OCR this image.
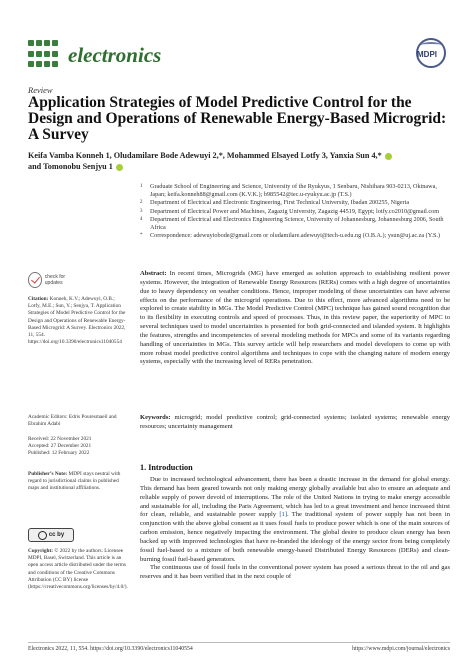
electronics	MDPI
Review
Application Strategies of Model Predictive Control for the Design and Operations of Renewable Energy-Based Microgrid: A Survey
Keifa Vamba Konneh 1, Oludamilare Bode Adewuyi 2,*, Mohammed Elsayed Lotfy 3, Yanxia Sun 4,*
and Tomonobu Senjyu 1
1	Graduate School of Engineering and Science, University of the Ryukyus, 1 Senbaru, Nishihara 903-0213, Okinawa, Japan; keifa.konneh88@gmail.com (K.V.K.); b985542@tec.u-ryukyu.ac.jp (T.S.)
2	Department of Electrical and Electronic Engineering, First Technical University, Ibadan 200255, Nigeria
3	Department of Electrical Power and Machines, Zagazig University, Zagazig 44519, Egypt; lotfy.co2010@gmail.com
4	Department of Electrical and Electronics Engineering Science, University of Johannesburg, Johannesburg 2006, South Africa
*	Correspondence: adewuyiobode@gmail.com or oludamilare.adewuyi@tech-u.edu.ng (O.B.A.); ysun@uj.ac.za (Y.S.)
Abstract: In recent times, Microgrids (MG) have emerged as solution approach to establishing resilient power systems. However, the integration of Renewable Energy Resources (RERs) comes with a high degree of uncertainties due to heavy dependency on weather conditions. Hence, improper modeling of these uncertainties can have adverse effects on the performance of the microgrid operations. Due to this effect, more advanced algorithms need to be explored to create stability in MGs. The Model Predictive Control (MPC) technique has gained sound recognition due to its flexibility in executing controls and speed of processes. Thus, in this review paper, the superiority of MPC to several techniques used to model uncertainties is presented for both grid-connected and islanded system. It highlights the features, strengths and incompetencies of several modeling methods for MPCs and some of its variants regarding handling of uncertainties in MGs. This survey article will help researchers and model developers to come up with more robust model predictive control algorithms and techniques to cope with the changing nature of modern energy systems, especially with the increasing level of RERs penetration.
Keywords: microgrid; model predictive control; grid-connected systems; isolated systems; renewable energy resources; uncertainty management
check for updates
Citation: Konneh, K.V.; Adewuyi, O.B.; Lotfy, M.E.; Sun, Y.; Senjyu, T. Application Strategies of Model Predictive Control for the Design and Operations of Renewable Energy-Based Microgrid: A Survey. Electronics 2022, 11, 554. https://doi.org/10.3390/electronics11040554
Academic Editors: Edris Pouresmaeil and Ebrahim Adabi
Received: 22 November 2021
Accepted: 27 December 2021
Published: 12 February 2022
Publisher’s Note: MDPI stays neutral with regard to jurisdictional claims in published maps and institutional affiliations.
cc by
Copyright: © 2022 by the authors. Licensee MDPI, Basel, Switzerland. This article is an open access article distributed under the terms and conditions of the Creative Commons Attribution (CC BY) license (https://creativecommons.org/licenses/by/4.0/).
1. Introduction

Due to increased technological advancement, there has been a drastic increase in the demand for global energy. This demand has been geared towards not only making energy globally available but also to ensure an adequate and reliable supply of power devoid of interruptions. The role of the United Nations in trying to make energy accessible and sustainable for all, including the Paris Agreement, which has led to a great investment and hence increased thirst for clean, reliable, and sustainable power supply [1]. The traditional system of power supply has not been in conjunction with the above global consent as it uses fossil fuels to produce power which is one of the main sources of carbon emission, hence negatively impacting the environment. The global desire to produce clean energy has been backed up with improved technologies that have re-branded the ideology of the energy sector from being completely fossil fuel-based to a mixture of both renewable energy-based Distributed Energy Resources (DERs) and clean-burning fossil fuel-based generators.

The continuous use of fossil fuels in the conventional power system has posed a serious threat to the oil and gas reserves and it has been verified that in the next couple of

Electronics 2022, 11, 554. https://doi.org/10.3390/electronics11040554	https://www.mdpi.com/journal/electronics
